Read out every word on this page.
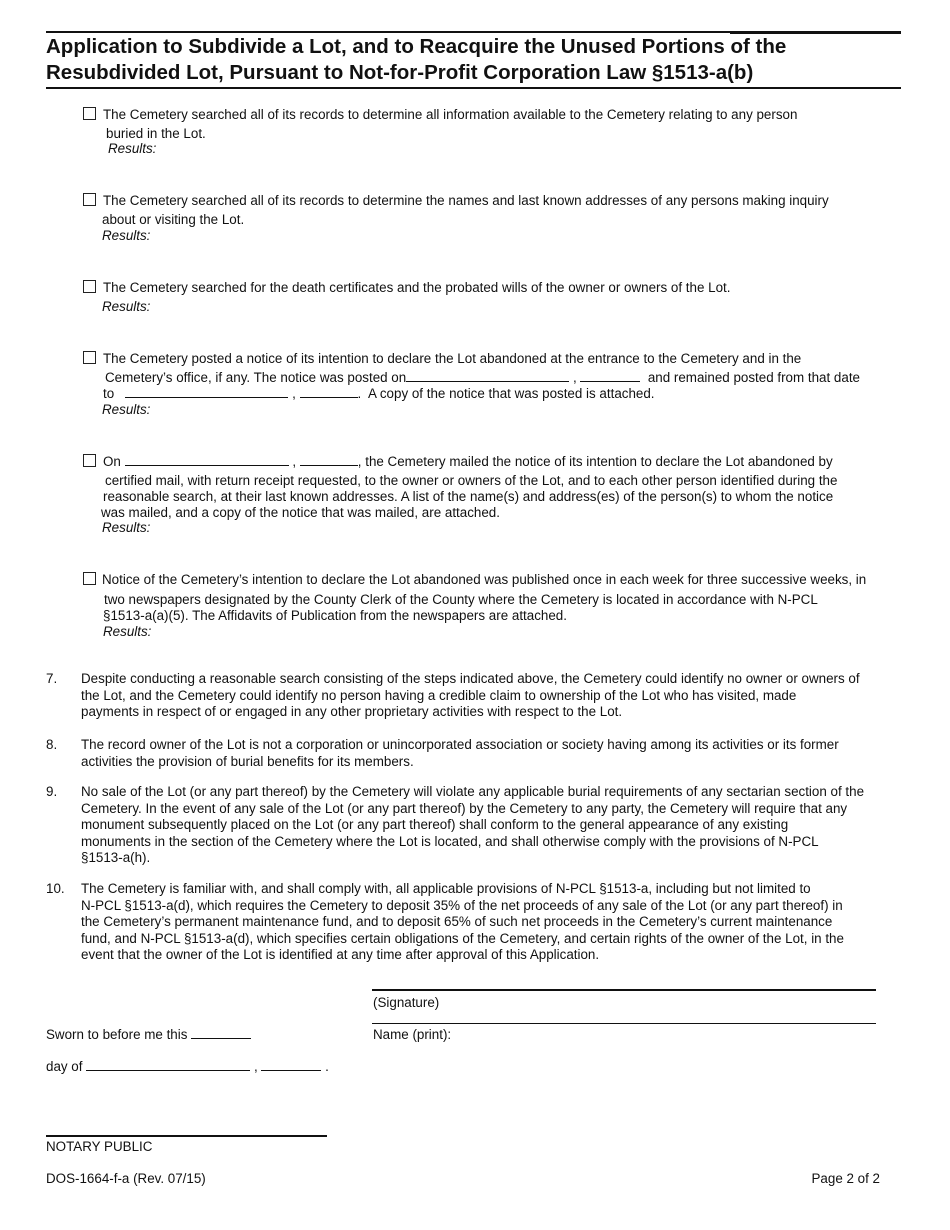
Application to Subdivide a Lot, and to Reacquire the Unused Portions of the
Resubdivided Lot, Pursuant to Not-for-Profit Corporation Law §1513-a(b)
The Cemetery searched all of its records to determine all information available to the Cemetery relating to any person
buried in the Lot.
Results:
The Cemetery searched all of its records to determine the names and last known addresses of any persons making inquiry
about or visiting the Lot.
Results:
The Cemetery searched for the death certificates and the probated wills of the owner or owners of the Lot.
Results:
The Cemetery posted a notice of its intention to declare the Lot abandoned at the entrance to the Cemetery and in the
Cemetery’s office, if any. The notice was posted on	,	and remained posted from that date
to	,	.  A copy of the notice that was posted is attached.
Results:
On	,	, the Cemetery mailed the notice of its intention to declare the Lot abandoned by
certified mail, with return receipt requested, to the owner or owners of the Lot, and to each other person identified during the
reasonable search, at their last known addresses. A list of the name(s) and address(es) of the person(s) to whom the notice
was mailed, and a copy of the notice that was mailed, are attached.
Results:
Notice of the Cemetery’s intention to declare the Lot abandoned was published once in each week for three successive weeks, in
two newspapers designated by the County Clerk of the County where the Cemetery is located in accordance with N-PCL
§1513-a(a)(5). The Affidavits of Publication from the newspapers are attached.
Results:
7. Despite conducting a reasonable search consisting of the steps indicated above, the Cemetery could identify no owner or owners of
the Lot, and the Cemetery could identify no person having a credible claim to ownership of the Lot who has visited, made
payments in respect of or engaged in any other proprietary activities with respect to the Lot.
8. The record owner of the Lot is not a corporation or unincorporated association or society having among its activities or its former
activities the provision of burial benefits for its members.
9. No sale of the Lot (or any part thereof) by the Cemetery will violate any applicable burial requirements of any sectarian section of the
Cemetery. In the event of any sale of the Lot (or any part thereof) by the Cemetery to any party, the Cemetery will require that any
monument subsequently placed on the Lot (or any part thereof) shall conform to the general appearance of any existing
monuments in the section of the Cemetery where the Lot is located, and shall otherwise comply with the provisions of N-PCL
§1513-a(h).
10. The Cemetery is familiar with, and shall comply with, all applicable provisions of N-PCL §1513-a, including but not limited to
N-PCL §1513-a(d), which requires the Cemetery to deposit 35% of the net proceeds of any sale of the Lot (or any part thereof) in
the Cemetery’s permanent maintenance fund, and to deposit 65% of such net proceeds in the Cemetery’s current maintenance
fund, and N-PCL §1513-a(d), which specifies certain obligations of the Cemetery, and certain rights of the owner of the Lot, in the
event that the owner of the Lot is identified at any time after approval of this Application.
(Signature)
Name (print):
Sworn to before me this
day of	,	.
NOTARY PUBLIC
DOS-1664-f-a (Rev. 07/15)	Page 2 of 2
